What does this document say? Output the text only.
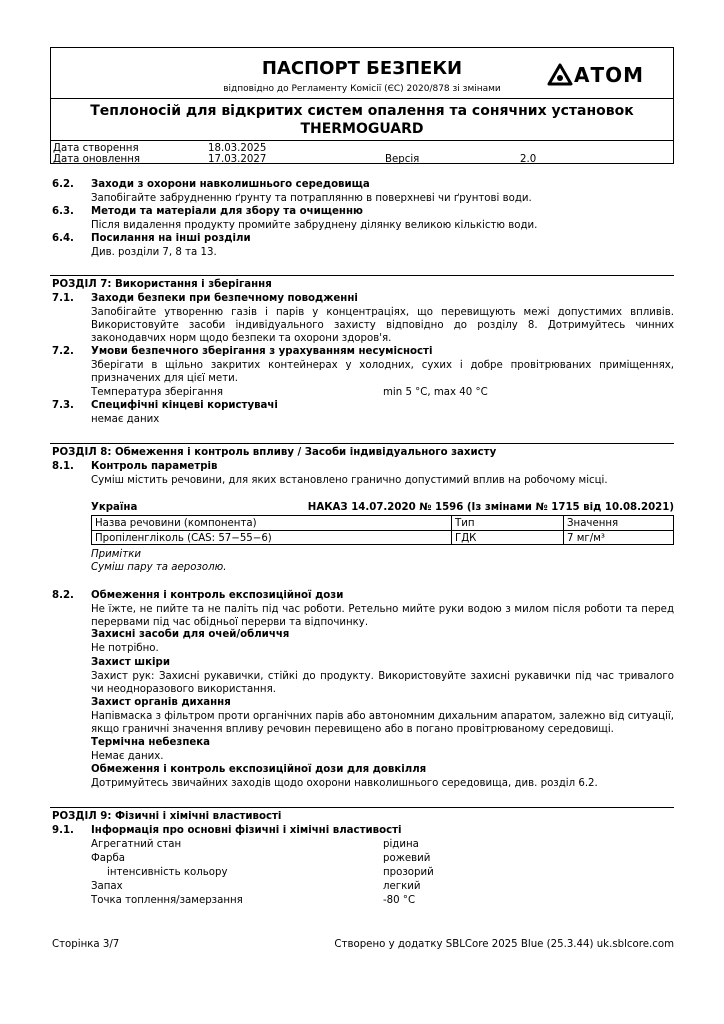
ПАСПОРТ БЕЗПЕКИ
відповідно до Регламенту Комісії (ЄС) 2020/878 зі змінами
АТОМ
Теплоносій для відкритих систем опалення та сонячних установок
THERMOGUARD
Дата створення	18.03.2025
Дата оновлення	17.03.2027	Версія	2.0
6.2. Заходи з охорони навколишнього середовища
Запобігайте забрудненню ґрунту та потраплянню в поверхневі чи ґрунтові води.
6.3. Методи та матеріали для збору та очищенню
Після видалення продукту промийте забруднену ділянку великою кількістю води.
6.4. Посилання на інші розділи
Див. розділи 7, 8 та 13.
РОЗДІЛ 7: Використання і зберігання
7.1. Заходи безпеки при безпечному поводженні
Запобігайте утворенню газів і парів у концентраціях, що перевищують межі допустимих впливів. Використовуйте засоби індивідуального захисту відповідно до розділу 8. Дотримуйтесь чинних законодавчих норм щодо безпеки та охорони здоров'я.
7.2. Умови безпечного зберігання з урахуванням несумісності
Зберігати в щільно закритих контейнерах у холодних, сухих і добре провітрюваних приміщеннях, призначених для цієї мети.
Температура зберігання	min 5 °C, max 40 °C
7.3. Специфічні кінцеві користувачі
немає даних
РОЗДІЛ 8: Обмеження і контроль впливу / Засоби індивідуального захисту
8.1. Контроль параметрів
Суміш містить речовини, для яких встановлено гранично допустимий вплив на робочому місці.
Україна	НАКАЗ 14.07.2020 № 1596 (Із змінами № 1715 від 10.08.2021)
Назва речовини (компонента)	Тип	Значення
Пропіленгліколь (CAS: 57−55−6)	ГДК	7 мг/м³
Примітки
Суміш пару та аерозолю.
8.2. Обмеження і контроль експозиційної дози
Не їжте, не пийте та не паліть під час роботи. Ретельно мийте руки водою з милом після роботи та перед перервами під час обідньої перерви та відпочинку.
Захисні засоби для очей/обличчя
Не потрібно.
Захист шкіри
Захист рук: Захисні рукавички, стійкі до продукту. Використовуйте захисні рукавички під час тривалого чи неодноразового використання.
Захист органів дихання
Напівмаска з фільтром проти органічних парів або автономним дихальним апаратом, залежно від ситуації, якщо граничні значення впливу речовин перевищено або в погано провітрюваному середовищі.
Термічна небезпека
Немає даних.
Обмеження і контроль експозиційної дози для довкілля
Дотримуйтесь звичайних заходів щодо охорони навколишнього середовища, див. розділ 6.2.
РОЗДІЛ 9: Фізичні і хімічні властивості
9.1. Інформація про основні фізичні і хімічні властивості
Агрегатний стан	рідина
Фарба	рожевий
інтенсивність кольору	прозорий
Запах	легкий
Точка топлення/замерзання	-80 °C
Сторінка 3/7	Створено у додатку SBLCore 2025 Blue (25.3.44) uk.sblcore.com
